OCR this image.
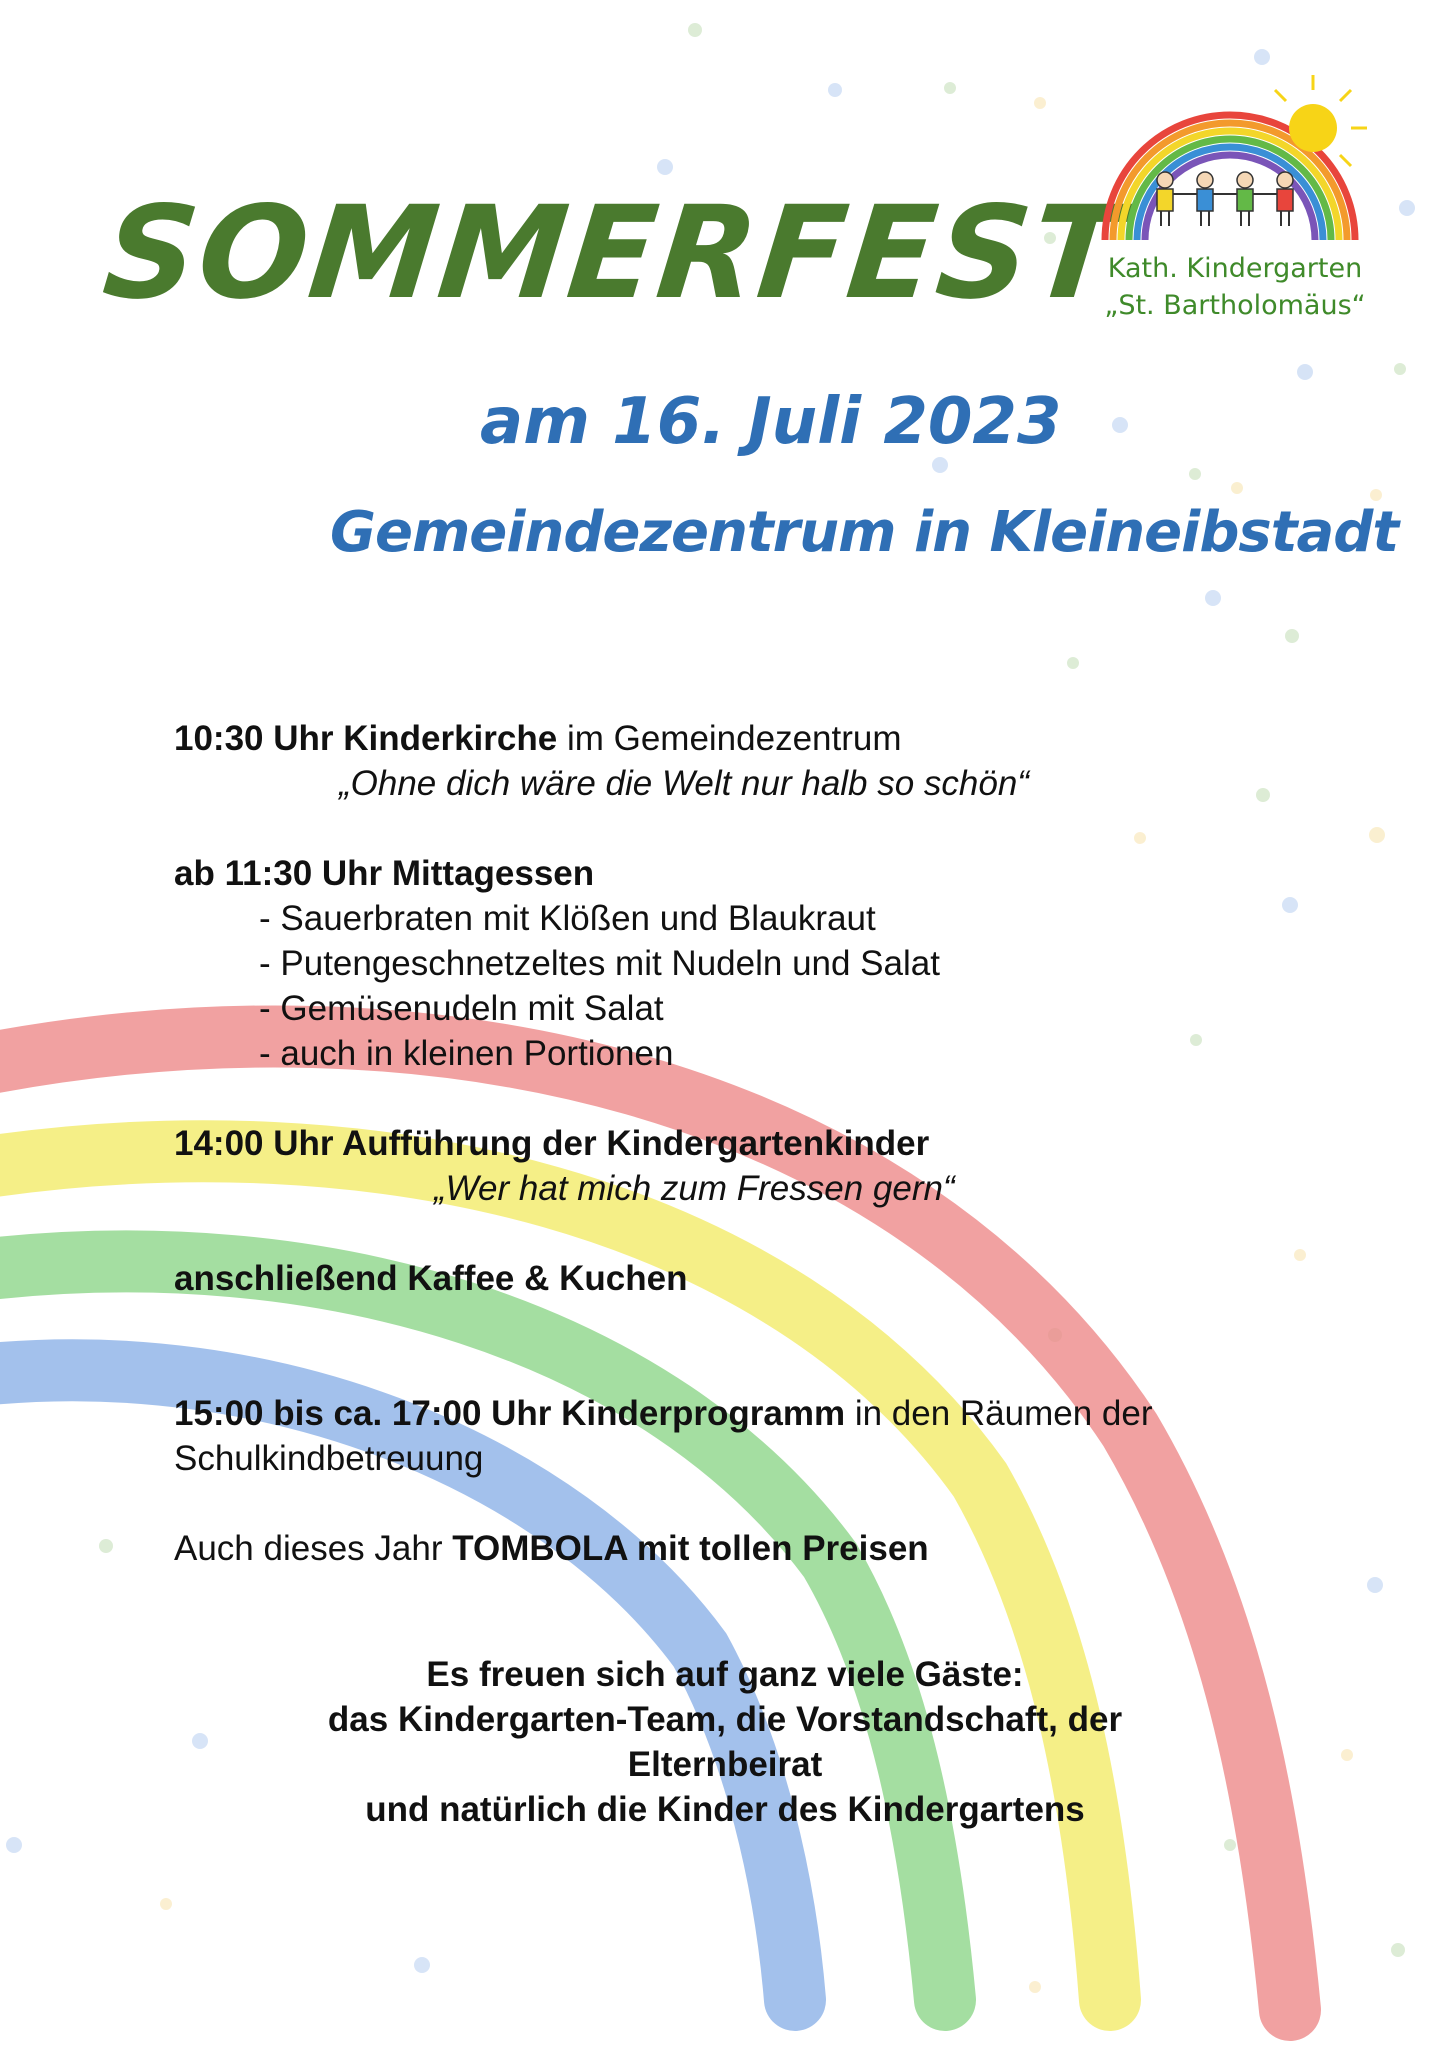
SOMMERFEST
am 16. Juli 2023
Gemeindezentrum in Kleineibstadt
Kath. Kindergarten
„St. Bartholomäus“

10:30 Uhr Kinderkirche im Gemeindezentrum

„Ohne dich wäre die Welt nur halb so schön“

ab 11:30 Uhr Mittagessen

- Sauerbraten mit Klößen und Blaukraut

- Putengeschnetzeltes mit Nudeln und Salat

- Gemüsenudeln mit Salat

- auch in kleinen Portionen

14:00 Uhr Aufführung der Kindergartenkinder

„Wer hat mich zum Fressen gern“

anschließend Kaffee & Kuchen

15:00 bis ca. 17:00 Uhr Kinderprogramm in den Räumen der

Schulkindbetreuung

Auch dieses Jahr TOMBOLA mit tollen Preisen

Es freuen sich auf ganz viele Gäste:

das Kindergarten-Team, die Vorstandschaft, der

Elternbeirat

und natürlich die Kinder des Kindergartens
